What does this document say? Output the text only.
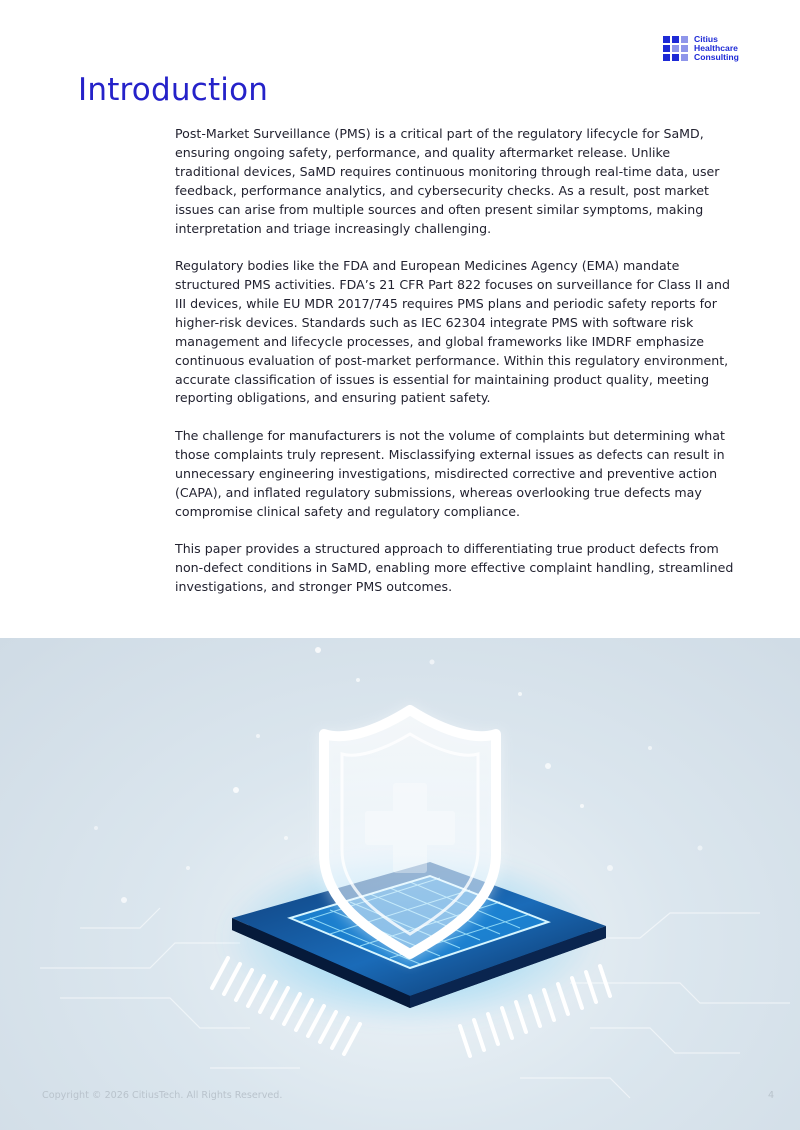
Citius
Healthcare
Consulting
Introduction

Post-Market Surveillance (PMS) is a critical part of the regulatory lifecycle for SaMD, ensuring ongoing safety, performance, and quality aftermarket release. Unlike traditional devices, SaMD requires continuous monitoring through real-time data, user feedback, performance analytics, and cybersecurity checks. As a result, post market issues can arise from multiple sources and often present similar symptoms, making interpretation and triage increasingly challenging.

Regulatory bodies like the FDA and European Medicines Agency (EMA) mandate structured PMS activities. FDA’s 21 CFR Part 822 focuses on surveillance for Class II and III devices, while EU MDR 2017/745 requires PMS plans and periodic safety reports for higher-risk devices. Standards such as IEC 62304 integrate PMS with software risk management and lifecycle processes, and global frameworks like IMDRF emphasize continuous evaluation of post-market performance. Within this regulatory environment, accurate classification of issues is essential for maintaining product quality, meeting reporting obligations, and ensuring patient safety.

The challenge for manufacturers is not the volume of complaints but determining what those complaints truly represent. Misclassifying external issues as defects can result in unnecessary engineering investigations, misdirected corrective and preventive action (CAPA), and inflated regulatory submissions, whereas overlooking true defects may compromise clinical safety and regulatory compliance.

This paper provides a structured approach to differentiating true product defects from non-defect conditions in SaMD, enabling more effective complaint handling, streamlined investigations, and stronger PMS outcomes.

Copyright © 2026 CitiusTech. All Rights Reserved.	4
